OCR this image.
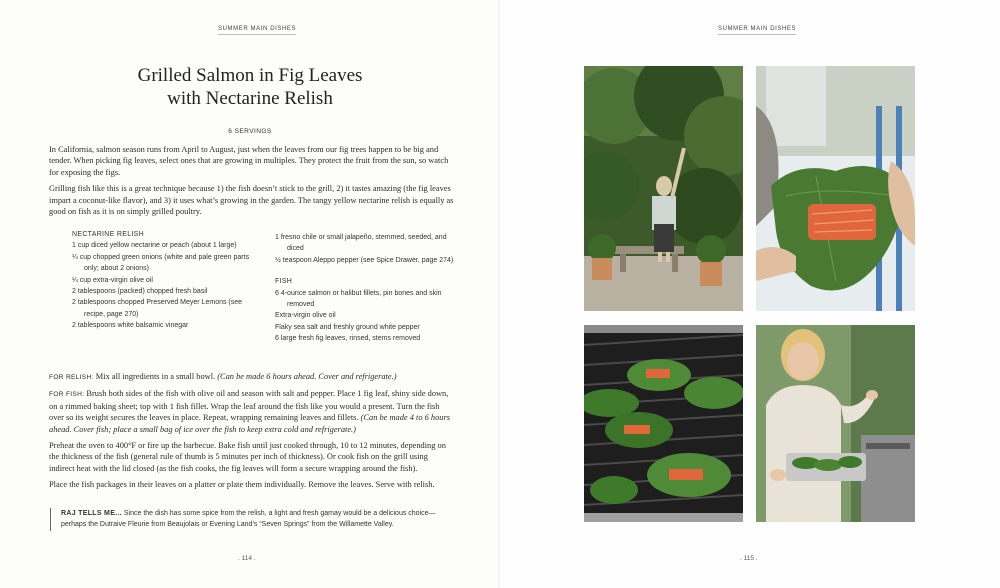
SUMMER MAIN DISHES
Grilled Salmon in Fig Leaves
with Nectarine Relish
6 SERVINGS

In California, salmon season runs from April to August, just when the leaves from our fig trees happen to be big and tender. When picking fig leaves, select ones that are growing in multiples. They protect the fruit from the sun, so watch for exposing the figs.

Grilling fish like this is a great technique because 1) the fish doesn’t stick to the grill, 2) it tastes amazing (the fig leaves impart a coconut-like flavor), and 3) it uses what’s growing in the garden. The tangy yellow nectarine relish is equally as good on fish as it is on simply grilled poultry.

NECTARINE RELISH
1 cup diced yellow nectarine or peach (about 1 large)
¼ cup chopped green onions (white and pale green parts only; about 2 onions)
¼ cup extra-virgin olive oil
2 tablespoons (packed) chopped fresh basil
2 tablespoons chopped Preserved Meyer Lemons (see recipe, page 270)
2 tablespoons white balsamic vinegar
1 fresno chile or small jalapeño, stemmed, seeded, and diced
½ teaspoon Aleppo pepper (see Spice Drawer, page 274)
FISH
6 4-ounce salmon or halibut fillets, pin bones and skin removed
Extra-virgin olive oil
Flaky sea salt and freshly ground white pepper
6 large fresh fig leaves, rinsed, stems removed

FOR RELISH: Mix all ingredients in a small bowl. (Can be made 6 hours ahead. Cover and refrigerate.)

FOR FISH: Brush both sides of the fish with olive oil and season with salt and pepper. Place 1 fig leaf, shiny side down, on a rimmed baking sheet; top with 1 fish fillet. Wrap the leaf around the fish like you would a present. Turn the fish over so its weight secures the leaves in place. Repeat, wrapping remaining leaves and fillets. (Can be made 4 to 6 hours ahead. Cover fish; place a small bag of ice over the fish to keep extra cold and refrigerate.)

Preheat the oven to 400°F or fire up the barbecue. Bake fish until just cooked through, 10 to 12 minutes, depending on the thickness of the fish (general rule of thumb is 5 minutes per inch of thickness). Or cook fish on the grill using indirect heat with the lid closed (as the fish cooks, the fig leaves will form a secure wrapping around the fish).

Place the fish packages in their leaves on a platter or plate them individually. Remove the leaves. Serve with relish.

RAJ TELLS ME... Since the dish has some spice from the relish, a light and fresh gamay would be a delicious choice—perhaps the Dutraive Fleurie from Beaujolais or Evening Land’s “Seven Springs” from the Willamette Valley.
. 114 .
SUMMER MAIN DISHES
. 115 .
